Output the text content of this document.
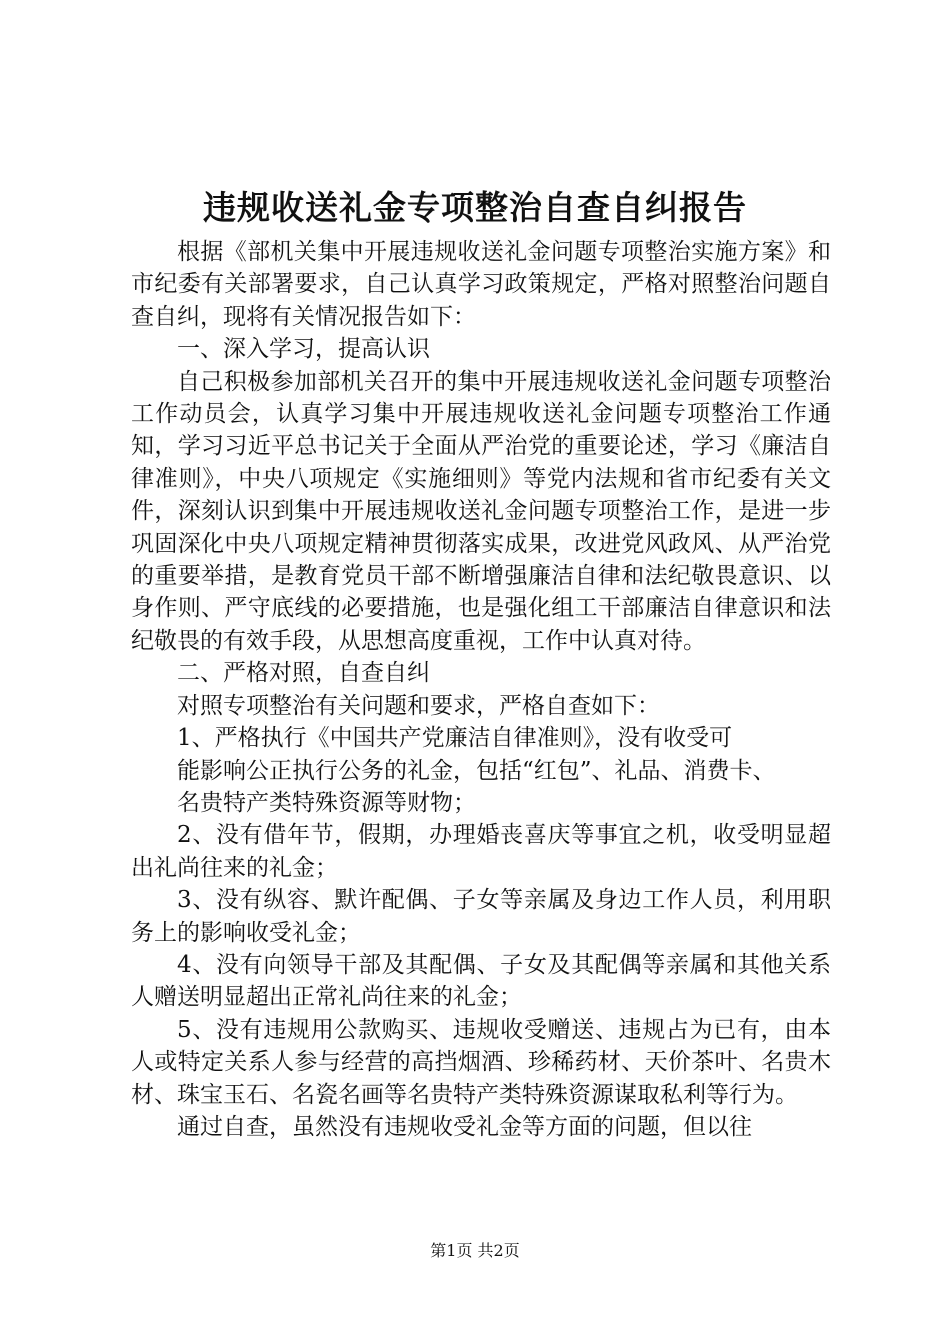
违规收送礼金专项整治自查自纠报告

根据《部机关集中开展违规收送礼金问题专项整治实施方案》和市纪委有关部署要求，自己认真学习政策规定，严格对照整治问题自查自纠，现将有关情况报告如下：

一、深入学习，提高认识

自己积极参加部机关召开的集中开展违规收送礼金问题专项整治工作动员会，认真学习集中开展违规收送礼金问题专项整治工作通知，学习习近平总书记关于全面从严治党的重要论述，学习《廉洁自律准则》，中央八项规定《实施细则》等党内法规和省市纪委有关文件，深刻认识到集中开展违规收送礼金问题专项整治工作，是进一步巩固深化中央八项规定精神贯彻落实成果，改进党风政风、从严治党的重要举措，是教育党员干部不断增强廉洁自律和法纪敬畏意识、以身作则、严守底线的必要措施，也是强化组工干部廉洁自律意识和法纪敬畏的有效手段，从思想高度重视，工作中认真对待。

二、严格对照，自查自纠

对照专项整治有关问题和要求，严格自查如下：

1、严格执行《中国共产党廉洁自律准则》，没有收受可

能影响公正执行公务的礼金，包括“红包”、礼品、消费卡、

名贵特产类特殊资源等财物；

2、没有借年节，假期，办理婚丧喜庆等事宜之机，收受明显超出礼尚往来的礼金；

3、没有纵容、默许配偶、子女等亲属及身边工作人员，利用职务上的影响收受礼金；

4、没有向领导干部及其配偶、子女及其配偶等亲属和其他关系人赠送明显超出正常礼尚往来的礼金；

5、没有违规用公款购买、违规收受赠送、违规占为已有，由本人或特定关系人参与经营的高挡烟酒、珍稀药材、天价茶叶、名贵木材、珠宝玉石、名瓷名画等名贵特产类特殊资源谋取私利等行为。

通过自查，虽然没有违规收受礼金等方面的问题，但以往

第1页 共2页
